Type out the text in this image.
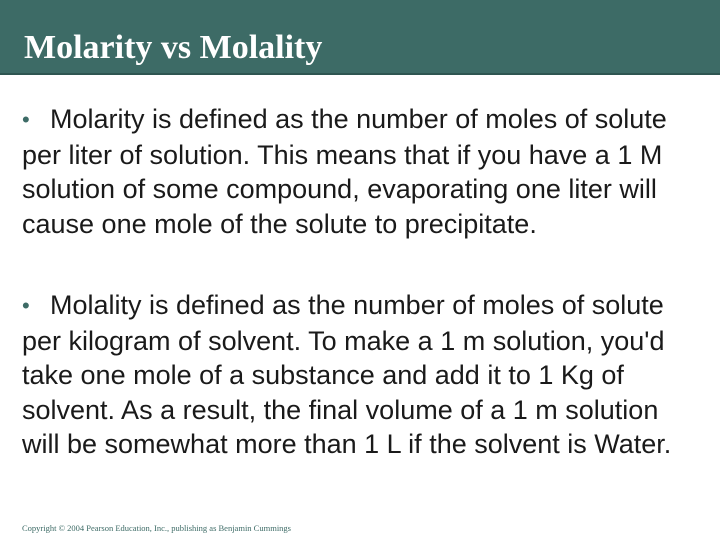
Molarity vs Molality

• Molarity is defined as the number of moles of solute per liter of solution. This means that if you have a 1 M solution of some compound, evaporating one liter will cause one mole of the solute to precipitate.

• Molality is defined as the number of moles of solute per kilogram of solvent. To make a 1 m solution, you'd take one mole of a substance and add it to 1 Kg of solvent. As a result, the final volume of a 1 m solution will be somewhat more than 1 L if the solvent is Water.

Copyright © 2004 Pearson Education, Inc., publishing as Benjamin Cummings
